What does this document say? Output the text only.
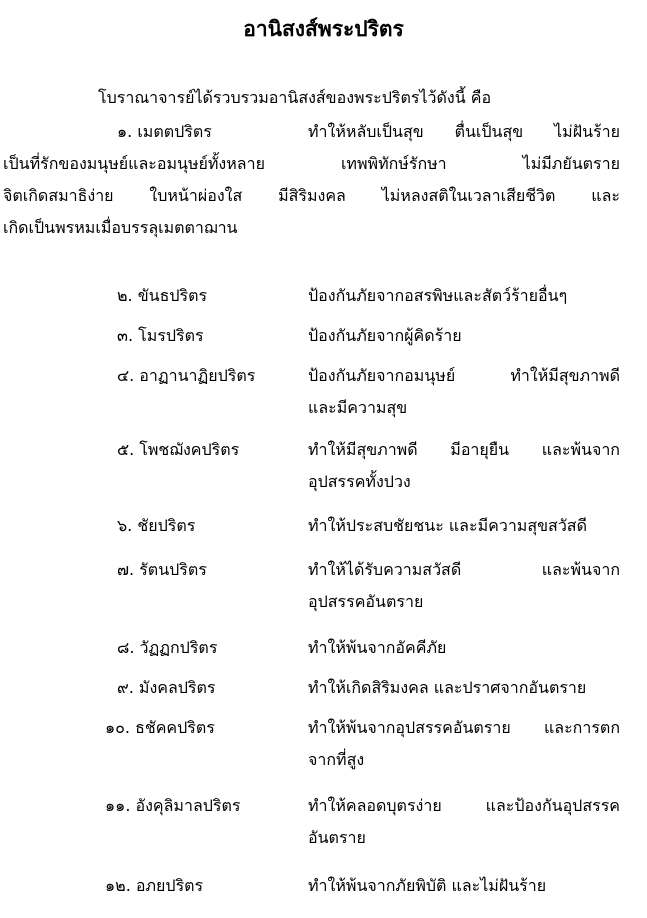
อานิสงส์พระปริตร
โบราณาจารย์ได้รวบรวมอานิสงส์ของพระปริตรไว้ดังนี้ คือ
๑. เมตตปริตร	ทำให้หลับเป็นสุข ตื่นเป็นสุข ไม่ฝันร้าย
เป็นที่รักของมนุษย์และอมนุษย์ทั้งหลาย เทพพิทักษ์รักษา ไม่มีภยันตราย
จิตเกิดสมาธิง่าย ใบหน้าผ่องใส มีสิริมงคล ไม่หลงสติในเวลาเสียชีวิต และ
เกิดเป็นพรหมเมื่อบรรลุเมตตาฌาน
๒. ขันธปริตร	ป้องกันภัยจากอสรพิษและสัตว์ร้ายอื่นๆ
๓. โมรปริตร	ป้องกันภัยจากผู้คิดร้าย
๔. อาฏานาฏิยปริตร	ป้องกันภัยจากอมนุษย์ ทำให้มีสุขภาพดี
และมีความสุข
๕. โพชฌังคปริตร	ทำให้มีสุขภาพดี มีอายุยืน และพ้นจาก
อุปสรรคทั้งปวง
๖. ชัยปริตร	ทำให้ประสบชัยชนะ และมีความสุขสวัสดี
๗. รัตนปริตร	ทำให้ได้รับความสวัสดี และพ้นจาก
อุปสรรคอันตราย
๘. วัฏฏกปริตร	ทำให้พ้นจากอัคคีภัย
๙. มังคลปริตร	ทำให้เกิดสิริมงคล และปราศจากอันตราย
๑๐. ธชัคคปริตร	ทำให้พ้นจากอุปสรรคอันตราย และการตก
จากที่สูง
๑๑. อังคุลิมาลปริตร	ทำให้คลอดบุตรง่าย และป้องกันอุปสรรค
อันตราย
๑๒. อภยปริตร	ทำให้พ้นจากภัยพิบัติ และไม่ฝันร้าย
